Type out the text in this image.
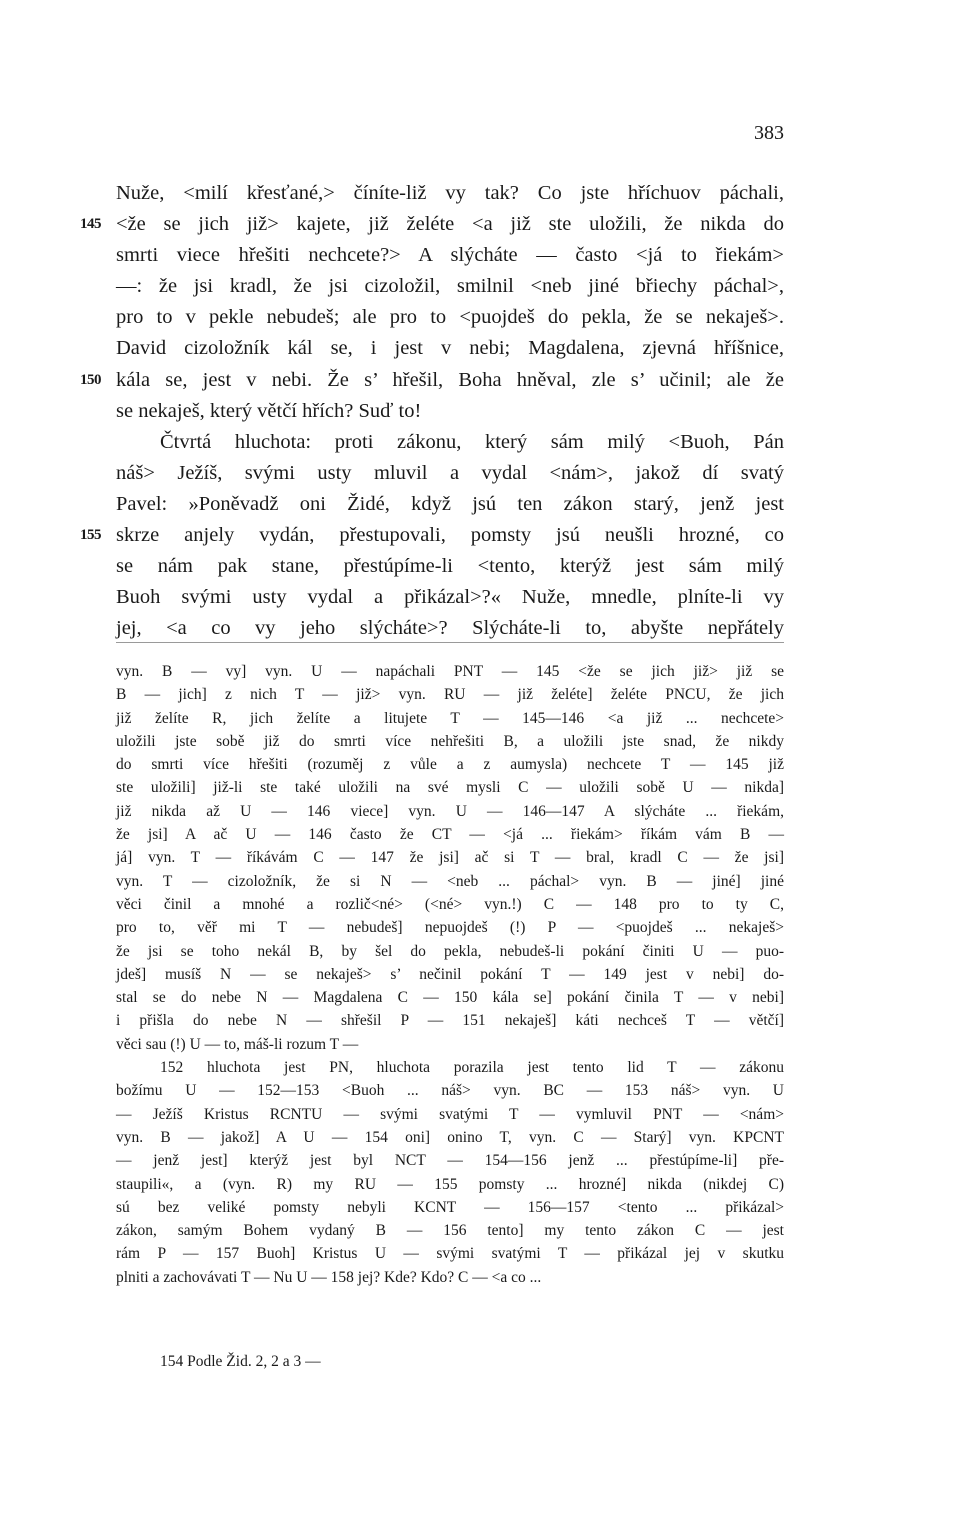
383
Nuže, <milí křesťané,> číníte-liž vy tak? Co jste hříchuov páchali,
145 <že se jich již> kajete, již želéte <a již ste uložili, že nikda do
smrti viece hřešiti nechcete?> A slýcháte — často <já to řiekám>
—: že jsi kradl, že jsi cizoložil, smilnil <neb jiné břiechy páchal>,
pro to v pekle nebudeš; ale pro to <puojdeš do pekla, že se nekaješ>.
David cizoložník kál se, i jest v nebi; Magdalena, zjevná hříšnice,
150 kála se, jest v nebi. Že s’ hřešil, Boha hněval, zle s’ učinil; ale že
se nekaješ, který větčí hřích? Suď to!
Čtvrtá hluchota: proti zákonu, který sám milý <Buoh, Pán
náš> Ježíš, svými usty mluvil a vydal <nám>, jakož dí svatý
Pavel: »Poněvadž oni Židé, když jsú ten zákon starý, jenž jest
155 skrze anjely vydán, přestupovali, pomsty jsú neušli hrozné, co
se nám pak stane, přestúpíme-li <tento, kterýž jest sám milý
Buoh svými usty vydal a přikázal>?« Nuže, mnedle, plníte-li vy
jej, <a co vy jeho slýcháte>? Slýcháte-li to, abyšte nepřátely
vyn. B — vy] vyn. U — napáchali PNT — 145 <že se jich již> již se
B — jich] z nich T — již> vyn. RU — již želéte] želéte PNCU, že jich
již želíte R, jich želíte a litujete T — 145—146 <a již ... nechcete>
uložili jste sobě již do smrti více nehřešiti B, a uložili jste snad, že nikdy
do smrti více hřešiti (rozuměj z vůle a z aumysla) nechcete T — 145 již
ste uložili] již-li ste také uložili na své mysli C — uložili sobě U — nikda]
již nikda až U — 146 viece] vyn. U — 146—147 A slýcháte ... řiekám,
že jsi] A ač U — 146 často že CT — <já ... řiekám> říkám vám B —
já] vyn. T — říkávám C — 147 že jsi] ač si T — bral, kradl C — že jsi]
vyn. T — cizoložník, že si N — <neb ... páchal> vyn. B — jiné] jiné
věci činil a mnohé a rozlič<né> (<né> vyn.!) C — 148 pro to ty C,
pro to, věř mi T — nebudeš] nepuojdeš (!) P — <puojdeš ... nekaješ>
že jsi se toho nekál B, by šel do pekla, nebudeš-li pokání činiti U — puo-
jdeš] musíš N — se nekaješ> s’ nečinil pokání T — 149 jest v nebi] do-
stal se do nebe N — Magdalena C — 150 kála se] pokání činila T — v nebi]
i přišla do nebe N — shřešil P — 151 nekaješ] káti nechceš T — větčí]
věci sau (!) U — to, máš-li rozum T —
152 hluchota jest PN, hluchota porazila jest tento lid T — zákonu
božímu U — 152—153 <Buoh ... náš> vyn. BC — 153 náš> vyn. U
— Ježíš Kristus RCNTU — svými svatými T — vymluvil PNT — <nám>
vyn. B — jakož] A U — 154 oni] onino T, vyn. C — Starý] vyn. KPCNT
— jenž jest] kterýž jest byl NCT — 154—156 jenž ... přestúpíme-li] pře-
staupili«, a (vyn. R) my RU — 155 pomsty ... hrozné] nikda (nikdej C)
sú bez veliké pomsty nebyli KCNT — 156—157 <tento ... přikázal>
zákon, samým Bohem vydaný B — 156 tento] my tento zákon C — jest
rám P — 157 Buoh] Kristus U — svými svatými T — přikázal jej v skutku
plniti a zachovávati T — Nu U — 158 jej? Kde? Kdo? C — <a co ...
154 Podle Žid. 2, 2 a 3 —
